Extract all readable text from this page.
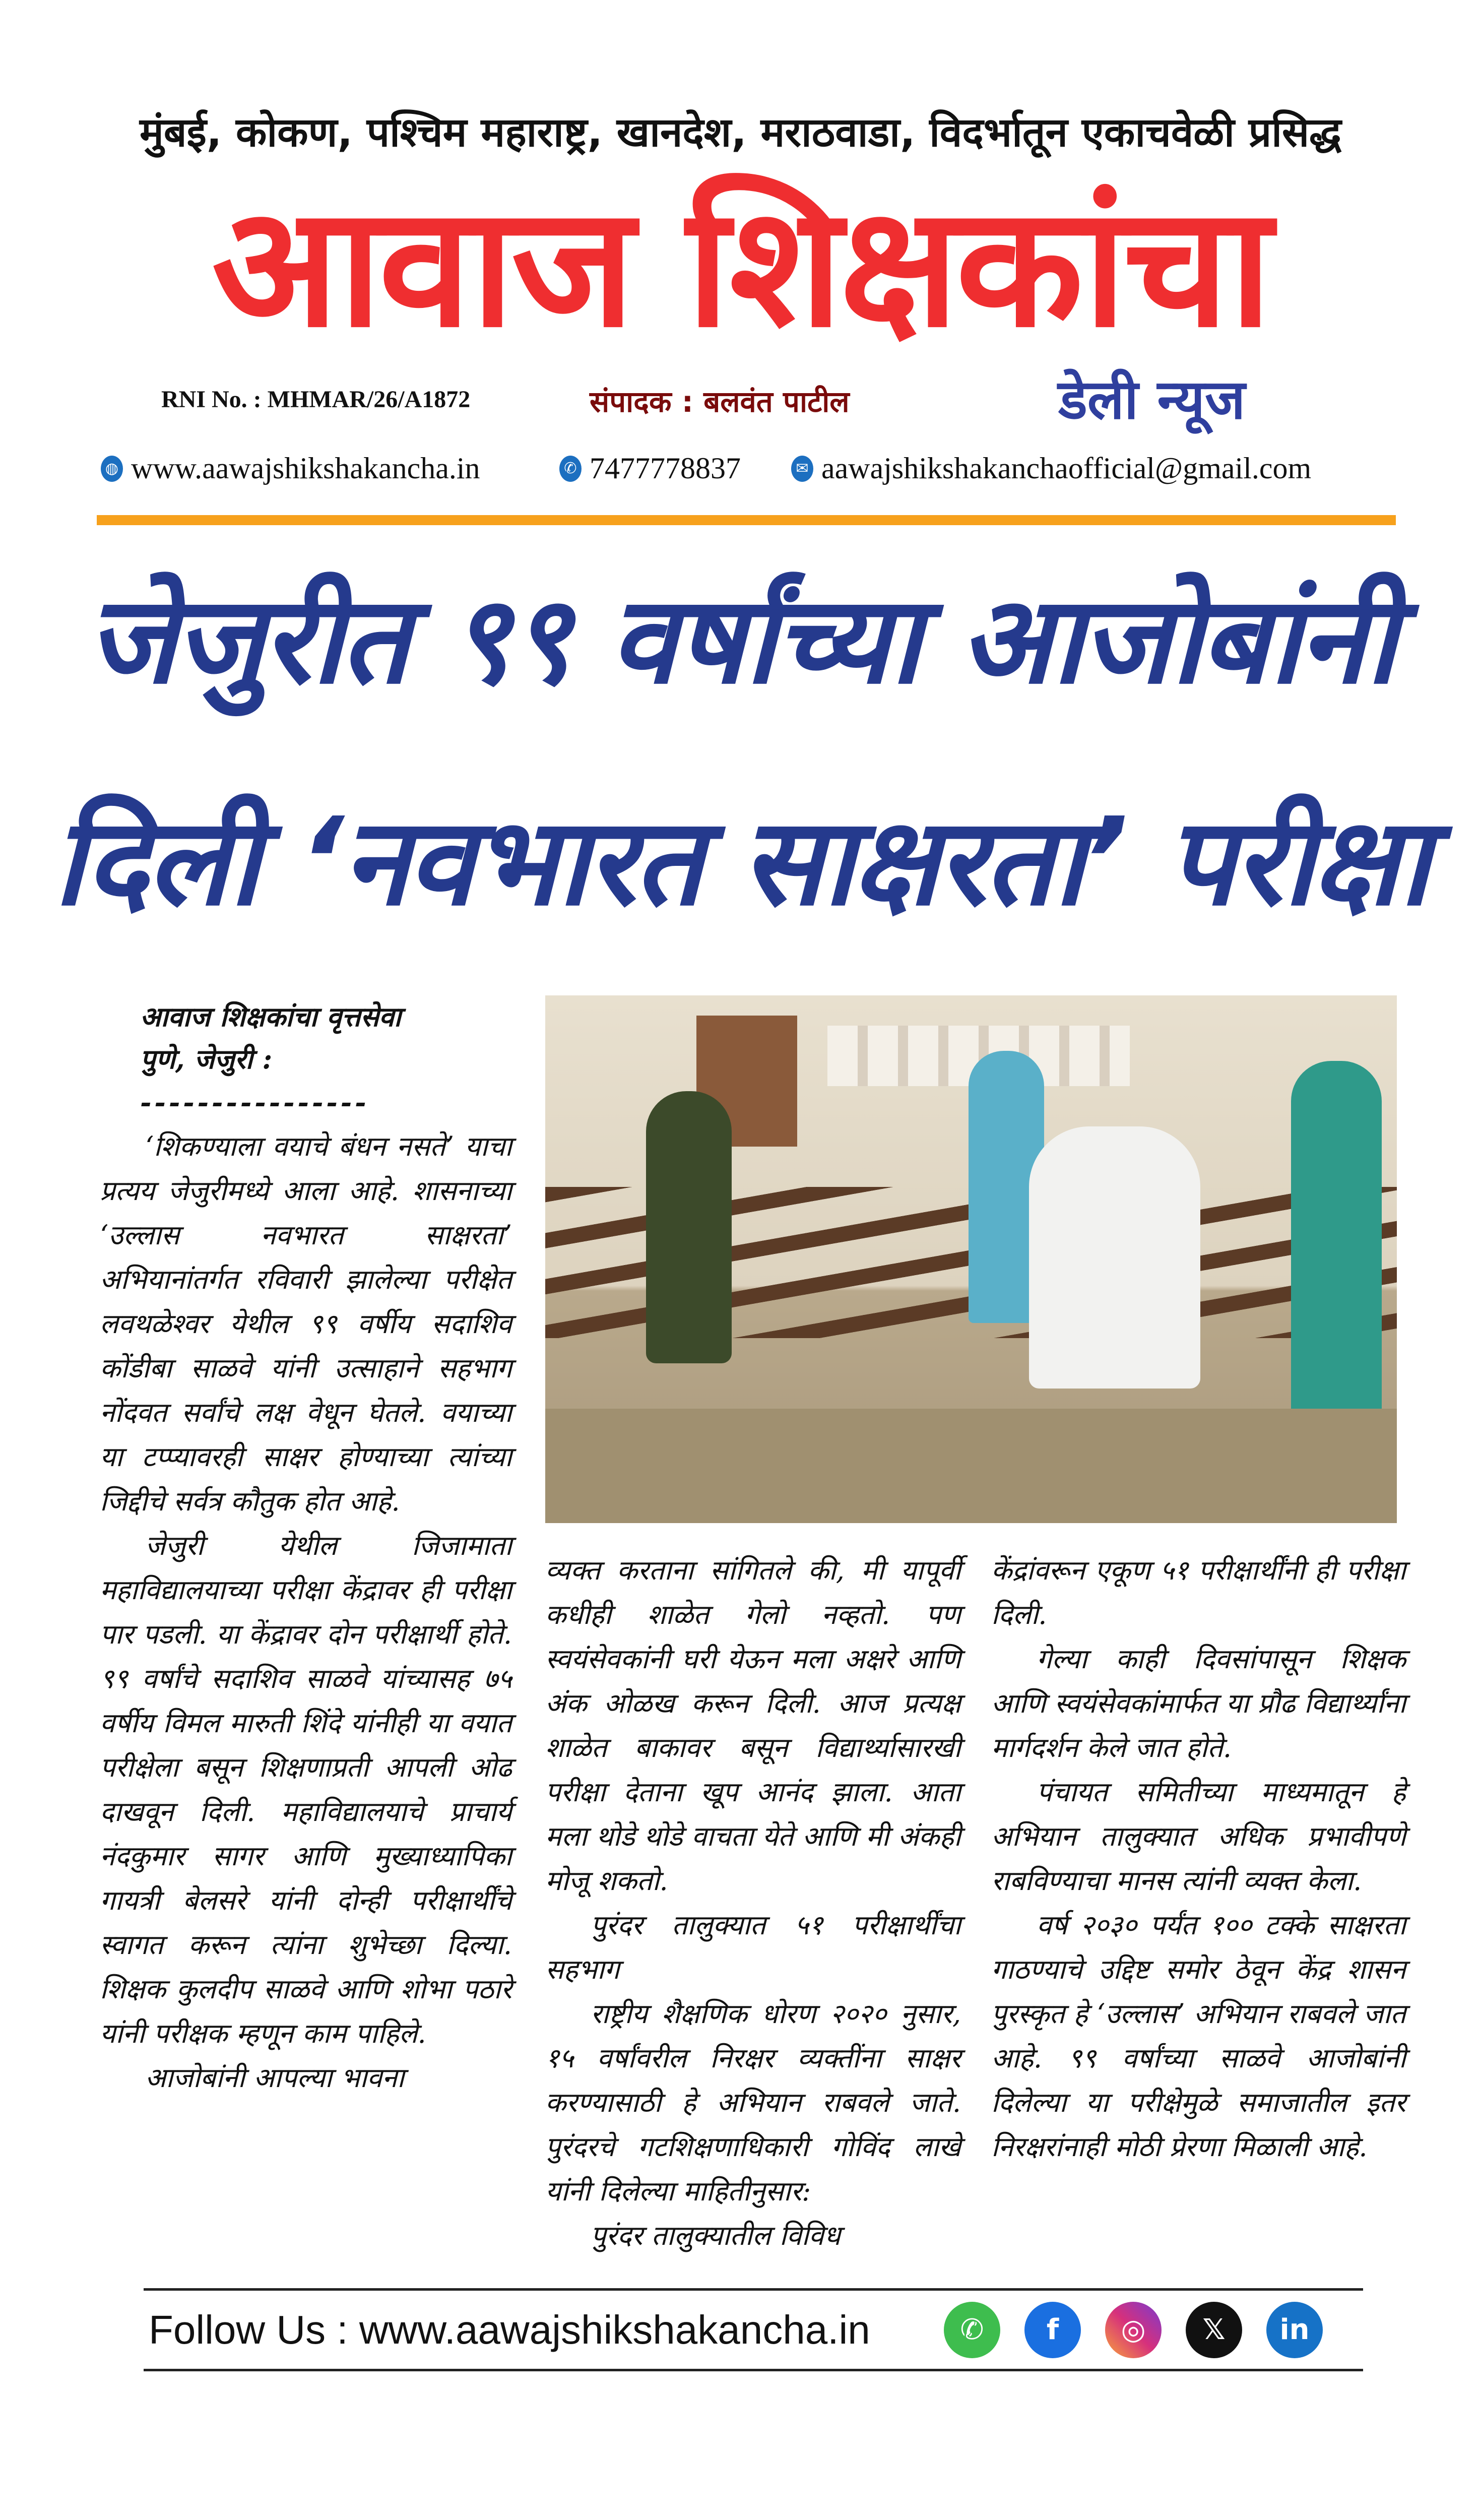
मुंबई, कोकण, पश्चिम महाराष्ट्र, खानदेश, मराठवाडा, विदर्भातून एकाचवेळी प्रसिद्ध
आवाज शिक्षकांचा
RNI No. : MHMAR/26/A1872	संपादक : बलवंत पाटील	डेली न्यूज
◍ www.aawajshikshakancha.in	✆ 7477778837	✉ aawajshikshakanchaofficial@gmail.com
जेजुरीत ९९ वर्षांच्या आजोबांनी
दिली ‘नवभारत साक्षरता’ परीक्षा

आवाज शिक्षकांचा वृत्तसेवा

पुणे, जेजुरी :

----------------

‘शिकण्याला वयाचे बंधन नसते’ याचा प्रत्यय जेजुरीमध्ये आला आहे. शासनाच्या ‘उल्लास नवभारत साक्षरता’ अभियानांतर्गत रविवारी झालेल्या परीक्षेत लवथळेश्वर येथील ९९ वर्षीय सदाशिव कोंडीबा साळवे यांनी उत्साहाने सहभाग नोंदवत सर्वांचे लक्ष वेधून घेतले. वयाच्या या टप्प्यावरही साक्षर होण्याच्या त्यांच्या जिद्दीचे सर्वत्र कौतुक होत आहे.

जेजुरी येथील जिजामाता महाविद्यालयाच्या परीक्षा केंद्रावर ही परीक्षा पार पडली. या केंद्रावर दोन परीक्षार्थी होते. ९९ वर्षांचे सदाशिव साळवे यांच्यासह ७५ वर्षीय विमल मारुती शिंदे यांनीही या वयात परीक्षेला बसून शिक्षणाप्रती आपली ओढ दाखवून दिली. महाविद्यालयाचे प्राचार्य नंदकुमार सागर आणि मुख्याध्यापिका गायत्री बेलसरे यांनी दोन्ही परीक्षार्थींचे स्वागत करून त्यांना शुभेच्छा दिल्या. शिक्षक कुलदीप साळवे आणि शोभा पठारे यांनी परीक्षक म्हणून काम पाहिले.

आजोबांनी आपल्या भावना

व्यक्त करताना सांगितले की, मी यापूर्वी कधीही शाळेत गेलो नव्हतो. पण स्वयंसेवकांनी घरी येऊन मला अक्षरे आणि अंक ओळख करून दिली. आज प्रत्यक्ष शाळेत बाकावर बसून विद्यार्थ्यासारखी परीक्षा देताना खूप आनंद झाला. आता मला थोडे थोडे वाचता येते आणि मी अंकही मोजू शकतो.

पुरंदर तालुक्यात ५१ परीक्षार्थींचा सहभाग

राष्ट्रीय शैक्षणिक धोरण २०२० नुसार, १५ वर्षांवरील निरक्षर व्यक्तींना साक्षर करण्यासाठी हे अभियान राबवले जाते. पुरंदरचे गटशिक्षणाधिकारी गोविंद लाखे यांनी दिलेल्या माहितीनुसार:

पुरंदर तालुक्यातील विविध

केंद्रांवरून एकूण ५१ परीक्षार्थींनी ही परीक्षा दिली.

गेल्या काही दिवसांपासून शिक्षक आणि स्वयंसेवकांमार्फत या प्रौढ विद्यार्थ्यांना मार्गदर्शन केले जात होते.

पंचायत समितीच्या माध्यमातून हे अभियान तालुक्यात अधिक प्रभावीपणे राबविण्याचा मानस त्यांनी व्यक्त केला.

वर्ष २०३० पर्यंत १०० टक्के साक्षरता गाठण्याचे उद्दिष्ट समोर ठेवून केंद्र शासन पुरस्कृत हे ‘उल्लास’ अभियान राबवले जात आहे. ९९ वर्षांच्या साळवे आजोबांनी दिलेल्या या परीक्षेमुळे समाजातील इतर निरक्षरांनाही मोठी प्रेरणा मिळाली आहे.

Follow Us : www.aawajshikshakancha.in	✆	f	◎	𝕏	in
